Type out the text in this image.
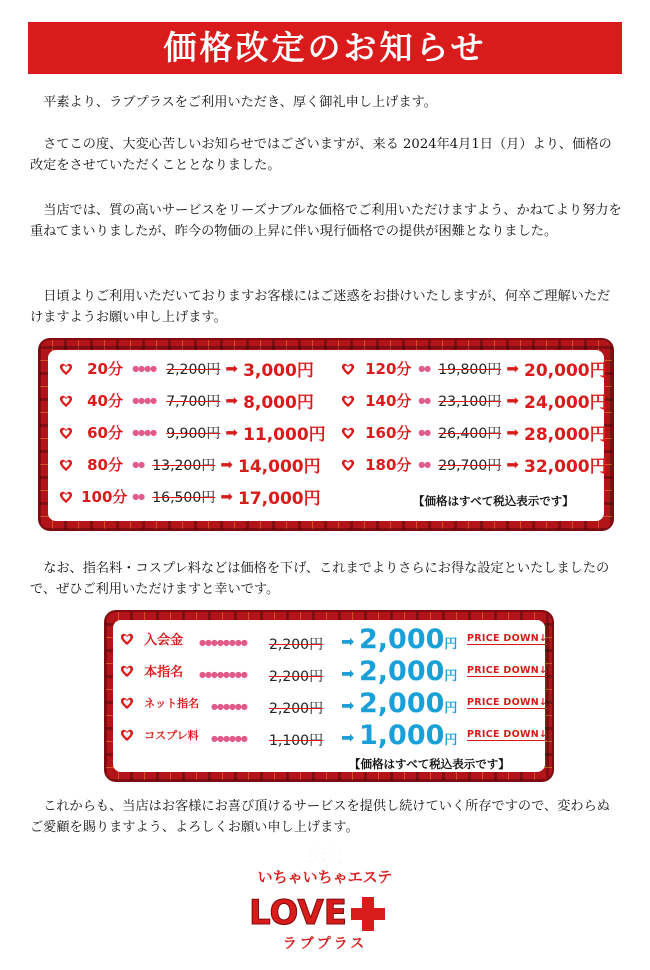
価格改定のお知らせ

平素より、ラブプラスをご利用いただき、厚く御礼申し上げます。

さてこの度、大変心苦しいお知らせではございますが、来る 2024年4月1日（月）より、価格の改定をさせていただくこととなりました。

当店では、質の高いサービスをリーズナブルな価格でご利用いただけますよう、かねてより努力を重ねてまいりましたが、昨今の物価の上昇に伴い現行価格での提供が困難となりました。

日頃よりご利用いただいておりますお客様にはご迷惑をお掛けいたしますが、何卒ご理解いただけますようお願い申し上げます。

20分 ●●●● 2,200円 ➡ 3,000円
40分 ●●●● 7,700円 ➡ 8,000円
60分 ●●●● 9,900円 ➡ 11,000円
80分 ●● 13,200円 ➡ 14,000円
100分 ●● 16,500円 ➡ 17,000円
120分 ●● 19,800円 ➡ 20,000円
140分 ●● 23,100円 ➡ 24,000円
160分 ●● 26,400円 ➡ 28,000円
180分 ●● 29,700円 ➡ 32,000円
【価格はすべて税込表示です】

なお、指名料・コスプレ料などは価格を下げ、これまでよりさらにお得な設定といたしましたので、ぜひご利用いただけますと幸いです。

入会金 ●●●●●●●● 2,200円 ➡ 2,000円 PRICE DOWN↓
本指名 ●●●●●●●● 2,200円 ➡ 2,000円 PRICE DOWN↓
ネット指名 ●●●●●● 2,200円 ➡ 2,000円 PRICE DOWN↓
コスプレ料 ●●●●●● 1,100円 ➡ 1,000円 PRICE DOWN↓
【価格はすべて税込表示です】

これからも、当店はお客様にお喜び頂けるサービスを提供し続けていく所存ですので、変わらぬご愛顧を賜りますよう、よろしくお願い申し上げます。

恋愛
いちゃいちゃエステ
LOVE	+
ラブプラス
